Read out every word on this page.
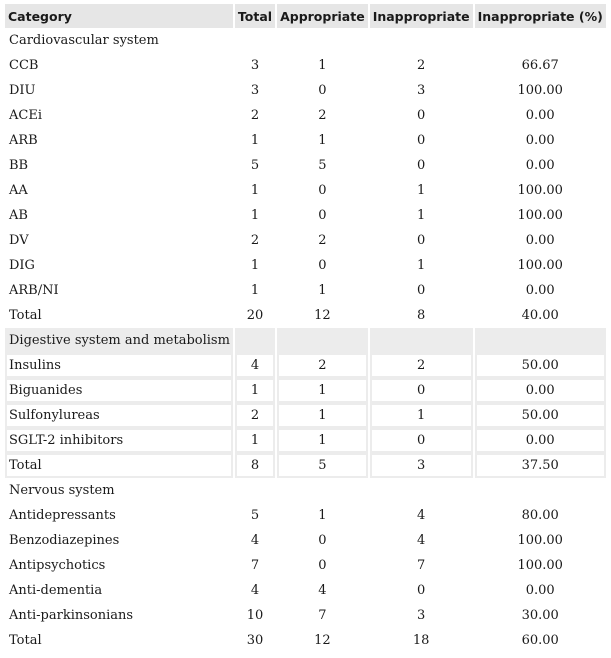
Category	Total	Appropriate	Inappropriate	Inappropriate (%)
Cardiovascular system				
CCB	3	1	2	66.67
DIU	3	0	3	100.00
ACEi	2	2	0	0.00
ARB	1	1	0	0.00
BB	5	5	0	0.00
AA	1	0	1	100.00
AB	1	0	1	100.00
DV	2	2	0	0.00
DIG	1	0	1	100.00
ARB/NI	1	1	0	0.00
Total	20	12	8	40.00
Digestive system and metabolism				
Insulins	4	2	2	50.00
Biguanides	1	1	0	0.00
Sulfonylureas	2	1	1	50.00
SGLT-2 inhibitors	1	1	0	0.00
Total	8	5	3	37.50
Nervous system				
Antidepressants	5	1	4	80.00
Benzodiazepines	4	0	4	100.00
Antipsychotics	7	0	7	100.00
Anti-dementia	4	4	0	0.00
Anti-parkinsonians	10	7	3	30.00
Total	30	12	18	60.00
